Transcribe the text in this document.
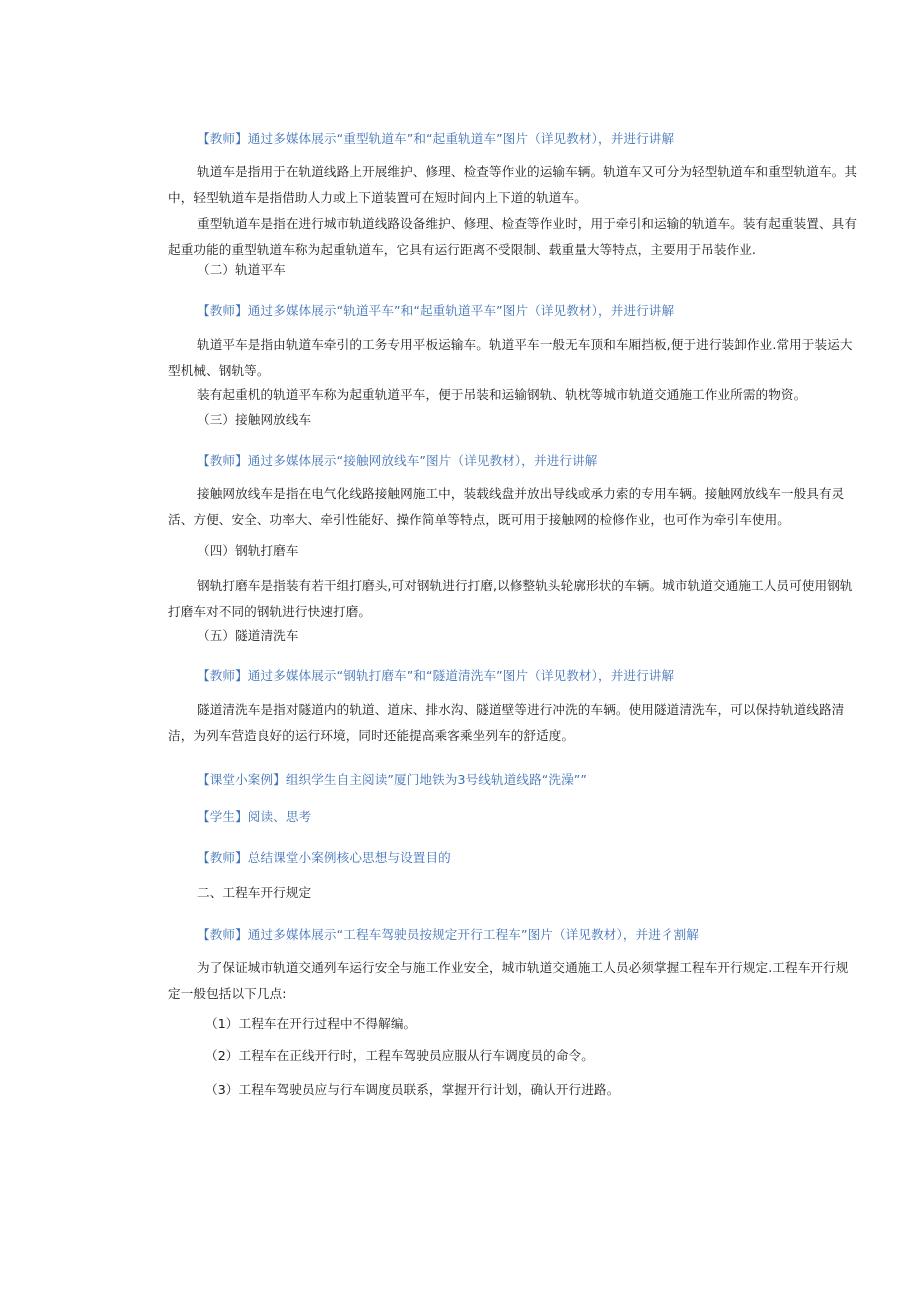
【教师】通过多媒体展示“重型轨道车”和“起重轨道车”图片（详见教材），并进行讲解

轨道车是指用于在轨道线路上开展维护、修理、检查等作业的运输车辆。轨道车又可分为轻型轨道车和重型轨道车。其中，轻型轨道车是指借助人力或上下道装置可在短时间内上下道的轨道车。

重型轨道车是指在进行城市轨道线路设备维护、修理、检查等作业时，用于牵引和运输的轨道车。装有起重装置、具有起重功能的重型轨道车称为起重轨道车，它具有运行距离不受限制、载重量大等特点，主要用于吊装作业.

（二）轨道平车

【教师】通过多媒体展示“轨道平车”和“起重轨道平车”图片（详见教材），并进行讲解

轨道平车是指由轨道车牵引的工务专用平板运输车。轨道平车一般无车顶和车厢挡板,便于进行装卸作业.常用于装运大型机械、钢轨等。

装有起重机的轨道平车称为起重轨道平车，便于吊装和运输钢轨、轨枕等城市轨道交通施工作业所需的物资。

（三）接触网放线车

【教师】通过多媒体展示“接触网放线车”图片（详见教材），并进行讲解

接触网放线车是指在电气化线路接触网施工中，装载线盘并放出导线或承力索的专用车辆。接触网放线车一般具有灵活、方便、安全、功率大、牵引性能好、操作简单等特点，既可用于接触网的检修作业，也可作为牵引车使用。

（四）钢轨打磨车

钢轨打磨车是指装有若干组打磨头,可对钢轨进行打磨,以修整轨头轮廓形状的车辆。城市轨道交通施工人员可使用钢轨打磨车对不同的钢轨进行快速打磨。

（五）隧道清洗车

【教师】通过多媒体展示“钢轨打磨车”和“隧道清洗车”图片（详见教材），并进行讲解

隧道清洗车是指对隧道内的轨道、道床、排水沟、隧道壁等进行冲洗的车辆。使用隧道清洗车，可以保持轨道线路清洁，为列车营造良好的运行环境，同时还能提高乘客乘坐列车的舒适度。

【课堂小案例】组织学生自主阅读”厦门地铁为3号线轨道线路“洗澡””

【学生】阅读、思考

【教师】总结课堂小案例核心思想与设置目的

二、工程车开行规定

【教师】通过多媒体展示“工程车驾驶员按规定开行工程车”图片（详见教材），并进彳割解

为了保证城市轨道交通列车运行安全与施工作业安全，城市轨道交通施工人员必须掌握工程车开行规定.工程车开行规定一般包括以下几点:

（1）工程车在开行过程中不得解编。

（2）工程车在正线开行时，工程车驾驶员应服从行车调度员的命令。

（3）工程车驾驶员应与行车调度员联系，掌握开行计划，确认开行进路。
